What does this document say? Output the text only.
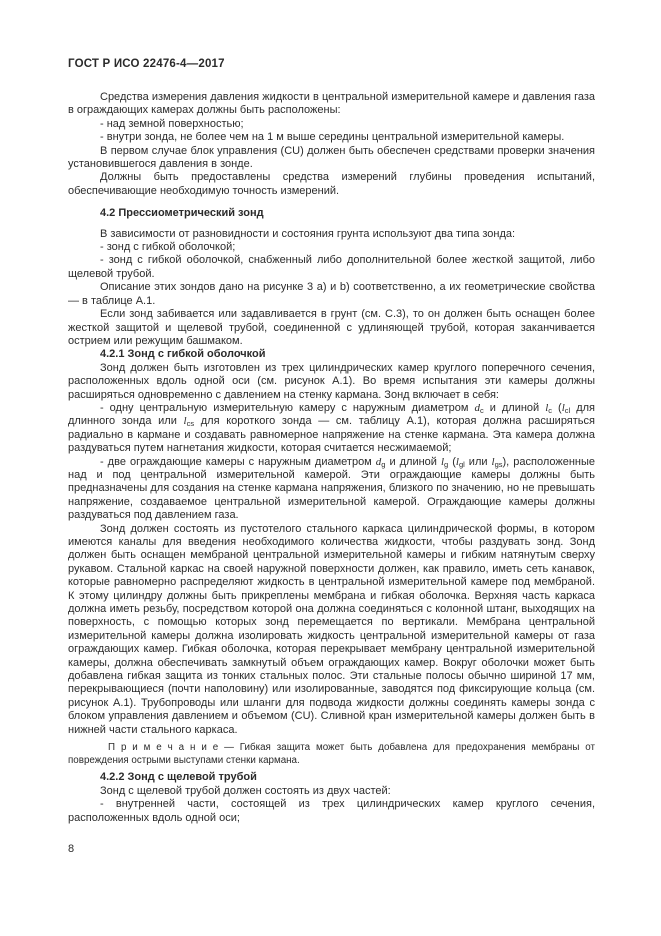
ГОСТ Р ИСО 22476-4—2017

Средства измерения давления жидкости в центральной измерительной камере и давления газа в ограждающих камерах должны быть расположены:

- над земной поверхностью;

- внутри зонда, не более чем на 1 м выше середины центральной измерительной камеры.

В первом случае блок управления (CU) должен быть обеспечен средствами проверки значения установившегося давления в зонде.

Должны быть предоставлены средства измерений глубины проведения испытаний, обеспечивающие необходимую точность измерений.

4.2 Прессиометрический зонд

В зависимости от разновидности и состояния грунта используют два типа зонда:

- зонд с гибкой оболочкой;

- зонд с гибкой оболочкой, снабженный либо дополнительной более жесткой защитой, либо щелевой трубой.

Описание этих зондов дано на рисунке 3 a) и b) соответственно, а их геометрические свойства — в таблице А.1.

Если зонд забивается или задавливается в грунт (см. С.3), то он должен быть оснащен более жесткой защитой и щелевой трубой, соединенной с удлиняющей трубой, которая заканчивается острием или режущим башмаком.

4.2.1 Зонд с гибкой оболочкой

Зонд должен быть изготовлен из трех цилиндрических камер круглого поперечного сечения, расположенных вдоль одной оси (см. рисунок А.1). Во время испытания эти камеры должны расширяться одновременно с давлением на стенку кармана. Зонд включает в себя:

- одну центральную измерительную камеру с наружным диаметром $d_c$ и длиной $l_c$ ($l_{cl}$ для длинного зонда или $l_{cs}$ для короткого зонда — см. таблицу А.1), которая должна расширяться радиально в кармане и создавать равномерное напряжение на стенке кармана. Эта камера должна раздуваться путем нагнетания жидкости, которая считается несжимаемой;

- две ограждающие камеры с наружным диаметром $d_g$ и длиной $l_g$ ($l_{gl}$ или $l_{gs}$), расположенные над и под центральной измерительной камерой. Эти ограждающие камеры должны быть предназначены для создания на стенке кармана напряжения, близкого по значению, но не превышать напряжение, создаваемое центральной измерительной камерой. Ограждающие камеры должны раздуваться под давлением газа.

Зонд должен состоять из пустотелого стального каркаса цилиндрической формы, в котором имеются каналы для введения необходимого количества жидкости, чтобы раздувать зонд. Зонд должен быть оснащен мембраной центральной измерительной камеры и гибким натянутым сверху рукавом. Стальной каркас на своей наружной поверхности должен, как правило, иметь сеть канавок, которые равномерно распределяют жидкость в центральной измерительной камере под мембраной. К этому цилиндру должны быть прикреплены мембрана и гибкая оболочка. Верхняя часть каркаса должна иметь резьбу, посредством которой она должна соединяться с колонной штанг, выходящих на поверхность, с помощью которых зонд перемещается по вертикали. Мембрана центральной измерительной камеры должна изолировать жидкость центральной измерительной камеры от газа ограждающих камер. Гибкая оболочка, которая перекрывает мембрану центральной измерительной камеры, должна обеспечивать замкнутый объем ограждающих камер. Вокруг оболочки может быть добавлена гибкая защита из тонких стальных полос. Эти стальные полосы обычно шириной 17 мм, перекрывающиеся (почти наполовину) или изолированные, заводятся под фиксирующие кольца (см. рисунок А.1). Трубопроводы или шланги для подвода жидкости должны соединять камеры зонда с блоком управления давлением и объемом (CU). Сливной кран измерительной камеры должен быть в нижней части стального каркаса.

П р и м е ч а н и е — Гибкая защита может быть добавлена для предохранения мембраны от повреждения острыми выступами стенки кармана.

4.2.2 Зонд с щелевой трубой

Зонд с щелевой трубой должен состоять из двух частей:

- внутренней части, состоящей из трех цилиндрических камер круглого сечения, расположенных вдоль одной оси;

8
